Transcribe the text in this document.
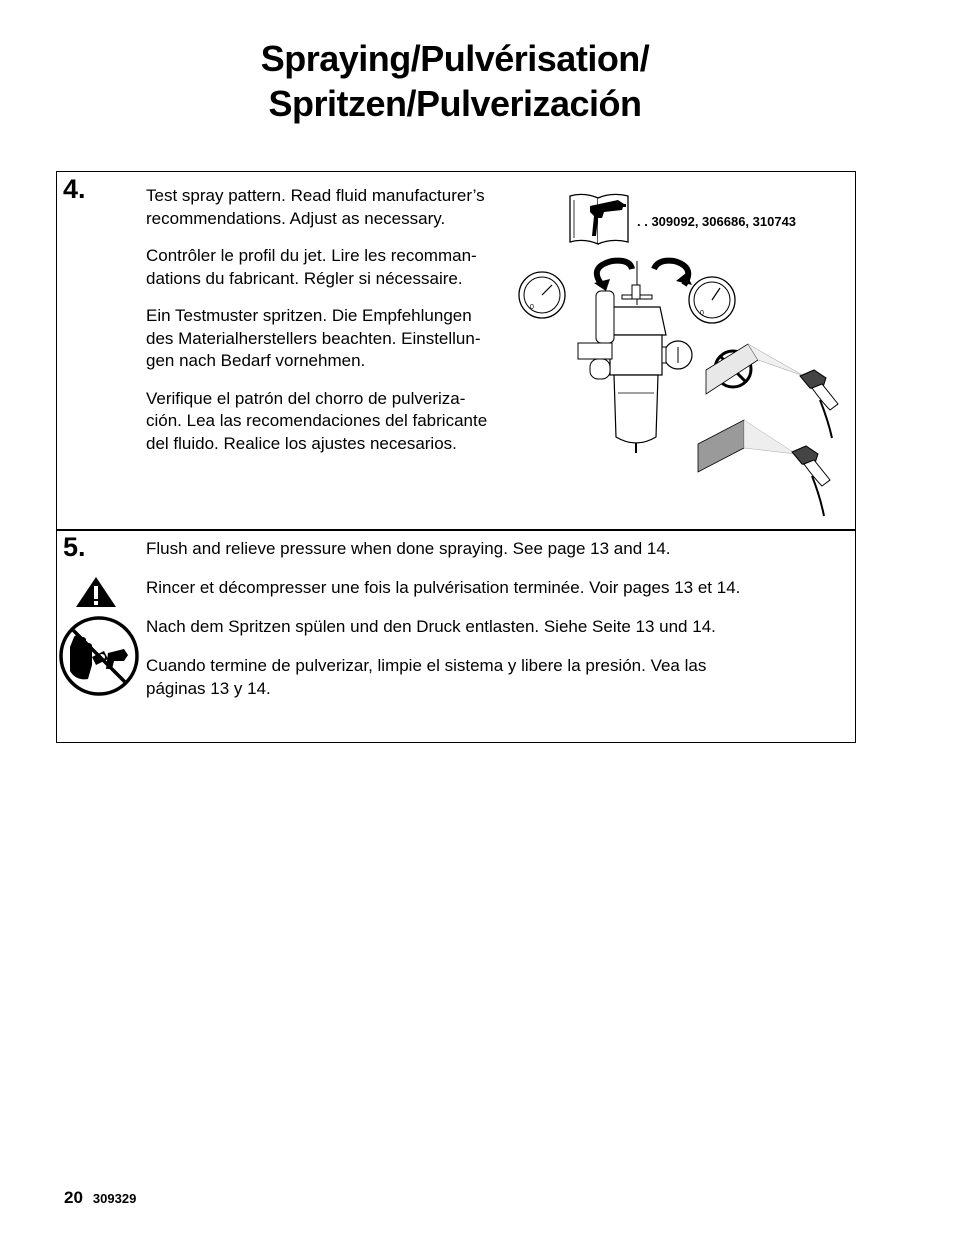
Spraying/Pulvérisation/
Spritzen/Pulverización
4.	Test spray pattern. Read fluid manufacturer’s
recommendations. Adjust as necessary.

Contrôler le profil du jet. Lire les recomman-
dations du fabricant. Régler si nécessaire.

Ein Testmuster spritzen. Die Empfehlungen
des Materialherstellers beachten. Einstellun-
gen nach Bedarf vornehmen.

Verifique el patrón del chorro de pulveriza-
ción. Lea las recomendaciones del fabricante
del fluido. Realice los ajustes necesarios.

5.	Flush and relieve pressure when done spraying. See page 13 and 14.

Rincer et décompresser une fois la pulvérisation terminée. Voir pages 13 et 14.

Nach dem Spritzen spülen und den Druck entlasten. Siehe Seite 13 und 14.

Cuando termine de pulverizar, limpie el sistema y libere la presión. Vea las
páginas 13 y 14.

. . 309092, 306686, 310743
0
0
20 309329
